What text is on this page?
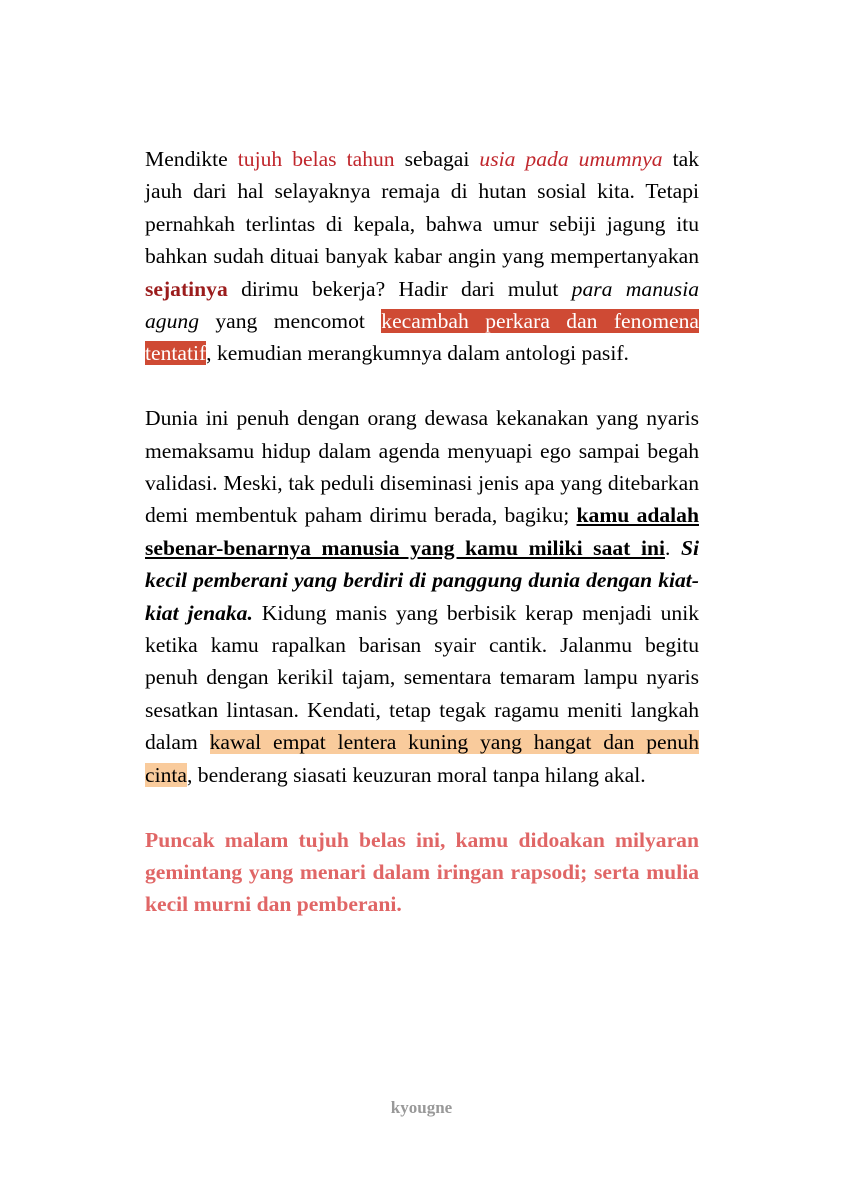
Mendikte tujuh belas tahun sebagai usia pada umumnya tak jauh dari hal selayaknya remaja di hutan sosial kita. Tetapi pernahkah terlintas di kepala, bahwa umur sebiji jagung itu bahkan sudah dituai banyak kabar angin yang mempertanyakan sejatinya dirimu bekerja? Hadir dari mulut para manusia agung yang mencomot kecambah perkara dan fenomena tentatif, kemudian merangkumnya dalam antologi pasif.

Dunia ini penuh dengan orang dewasa kekanakan yang nyaris memaksamu hidup dalam agenda menyuapi ego sampai begah validasi. Meski, tak peduli diseminasi jenis apa yang ditebarkan demi membentuk paham dirimu berada, bagiku; kamu adalah sebenar-benarnya manusia yang kamu miliki saat ini. Si kecil pemberani yang berdiri di panggung dunia dengan kiat-kiat jenaka. Kidung manis yang berbisik kerap menjadi unik ketika kamu rapalkan barisan syair cantik. Jalanmu begitu penuh dengan kerikil tajam, sementara temaram lampu nyaris sesatkan lintasan. Kendati, tetap tegak ragamu meniti langkah dalam kawal empat lentera kuning yang hangat dan penuh cinta, benderang siasati keuzuran moral tanpa hilang akal.

Puncak malam tujuh belas ini, kamu didoakan milyaran gemintang yang menari dalam iringan rapsodi; serta mulia kecil murni dan pemberani.

kyougne
